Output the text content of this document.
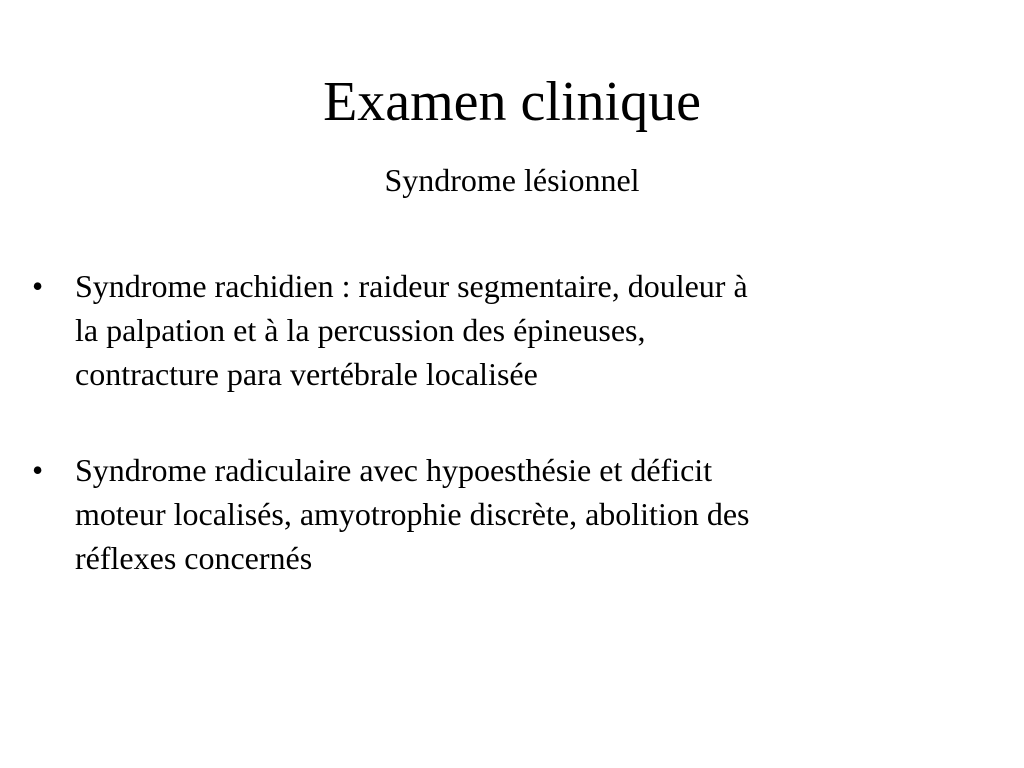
Examen clinique

Syndrome lésionnel

• Syndrome rachidien : raideur segmentaire, douleur à
la palpation et à la percussion des épineuses,
contracture para vertébrale localisée
• Syndrome radiculaire avec hypoesthésie et déficit
moteur localisés, amyotrophie discrète, abolition des
réflexes concernés
